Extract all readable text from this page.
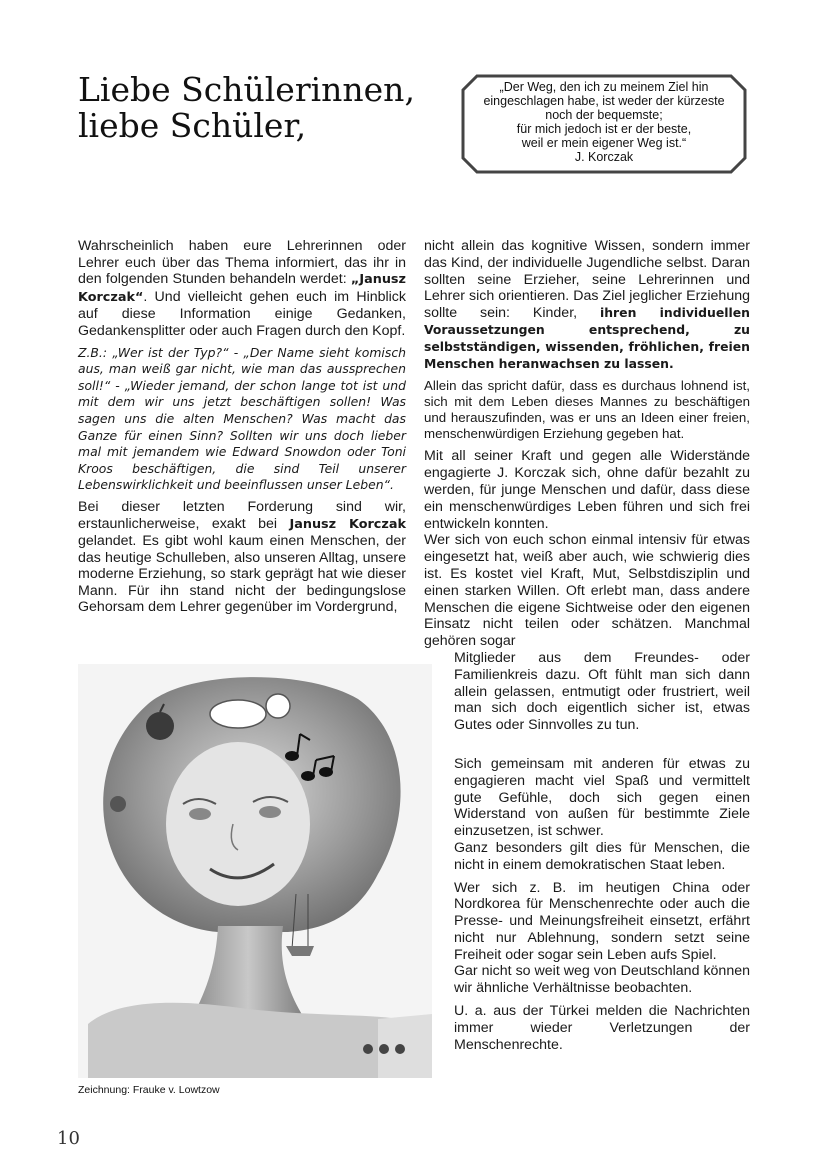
Liebe Schülerinnen,
liebe Schüler,
„Der Weg, den ich zu meinem Ziel hin
eingeschlagen habe, ist weder der kürzeste
noch der bequemste;
für mich jedoch ist er der beste,
weil er mein eigener Weg ist.“
J. Korczak

Wahrscheinlich haben eure Lehrerinnen oder Lehrer euch über das Thema informiert, das ihr in den folgenden Stunden behandeln werdet: „Janusz Korczak“. Und vielleicht gehen euch im Hinblick auf diese Information einige Gedanken, Gedankensplitter oder auch Fragen durch den Kopf.

Z.B.: „Wer ist der Typ?“ - „Der Name sieht komisch aus, man weiß gar nicht, wie man das aussprechen soll!“ - „Wieder jemand, der schon lange tot ist und mit dem wir uns jetzt beschäftigen sollen! Was sagen uns die alten Menschen? Was macht das Ganze für einen Sinn? Sollten wir uns doch lieber mal mit jemandem wie Edward Snowdon oder Toni Kroos beschäftigen, die sind Teil unserer Lebenswirklichkeit und beeinflussen unser Leben“.

Bei dieser letzten Forderung sind wir, erstaunlicherweise, exakt bei Janusz Korczak gelandet. Es gibt wohl kaum einen Menschen, der das heutige Schulleben, also unseren Alltag, unsere moderne Erziehung, so stark geprägt hat wie dieser Mann. Für ihn stand nicht der bedingungslose Gehorsam dem Lehrer gegenüber im Vordergrund,

nicht allein das kognitive Wissen, sondern immer das Kind, der individuelle Jugendliche selbst. Daran sollten seine Erzieher, seine Lehrerinnen und Lehrer sich orientieren. Das Ziel jeglicher Erziehung sollte sein: Kinder, ihren individuellen Voraussetzungen entsprechend, zu selbstständigen, wissenden, fröhlichen, freien Menschen heranwachsen zu lassen.

Allein das spricht dafür, dass es durchaus lohnend ist, sich mit dem Leben dieses Mannes zu beschäftigen und herauszufinden, was er uns an Ideen einer freien, menschenwürdigen Erziehung gegeben hat.

Mit all seiner Kraft und gegen alle Widerstände engagierte J. Korczak sich, ohne dafür bezahlt zu werden, für junge Menschen und dafür, dass diese ein menschenwürdiges Leben führen und sich frei entwickeln konnten.

Wer sich von euch schon einmal intensiv für etwas eingesetzt hat, weiß aber auch, wie schwierig dies ist. Es kostet viel Kraft, Mut, Selbstdisziplin und einen starken Willen. Oft erlebt man, dass andere Menschen die eigene Sichtweise oder den eigenen Einsatz nicht teilen oder schätzen. Manchmal gehören sogar

Mitglieder aus dem Freundes- oder Familienkreis dazu. Oft fühlt man sich dann allein gelassen, entmutigt oder frustriert, weil man sich doch eigentlich sicher ist, etwas Gutes oder Sinnvolles zu tun.

Sich gemeinsam mit anderen für etwas zu engagieren macht viel Spaß und vermittelt gute Gefühle, doch sich gegen einen Widerstand von außen für bestimmte Ziele einzusetzen, ist schwer.

Ganz besonders gilt dies für Menschen, die nicht in einem demokratischen Staat leben.

Wer sich z. B. im heutigen China oder Nordkorea für Menschenrechte oder auch die Presse- und Meinungsfreiheit einsetzt, erfährt nicht nur Ablehnung, sondern setzt seine Freiheit oder sogar sein Leben aufs Spiel.

Gar nicht so weit weg von Deutschland können wir ähnliche Verhältnisse beobachten.

U. a. aus der Türkei melden die Nachrichten immer wieder Verletzungen der Menschenrechte.

Zeichnung: Frauke v. Lowtzow
10
